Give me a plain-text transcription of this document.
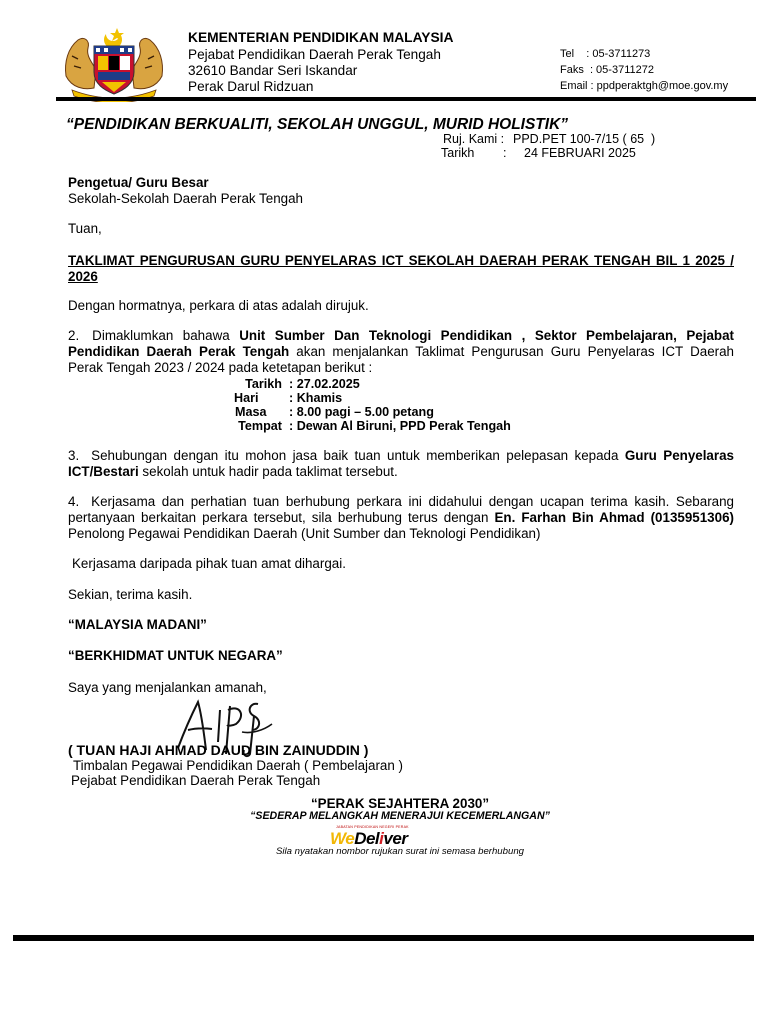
KEMENTERIAN PENDIDIKAN MALAYSIA
Pejabat Pendidikan Daerah Perak Tengah
32610 Bandar Seri Iskandar
Perak Darul Ridzuan
Tel    : 05-3711273
Faks  : 05-3711272
Email : ppdperaktgh@moe.gov.my
“PENDIDIKAN BERKUALITI, SEKOLAH UNGGUL, MURID HOLISTIK”
Ruj. Kami : PPD.PET 100-7/15 ( 65  )
Tarikh : 24 FEBRUARI 2025
Pengetua/ Guru Besar
Sekolah-Sekolah Daerah Perak Tengah
Tuan,
TAKLIMAT PENGURUSAN GURU PENYELARAS ICT SEKOLAH DAERAH PERAK TENGAH BIL 1 2025 / 2026
Dengan hormatnya, perkara di atas adalah dirujuk.
2. Dimaklumkan bahawa Unit Sumber Dan Teknologi Pendidikan , Sektor Pembelajaran, Pejabat Pendidikan Daerah Perak Tengah akan menjalankan Taklimat Pengurusan Guru Penyelaras ICT Daerah Perak Tengah 2023 / 2024 pada ketetapan berikut :
Tarikh : 27.02.2025
Hari	: Khamis
Masa	: 8.00 pagi – 5.00 petang
Tempat : Dewan Al Biruni, PPD Perak Tengah
3. Sehubungan dengan itu mohon jasa baik tuan untuk memberikan pelepasan kepada Guru Penyelaras ICT/Bestari sekolah untuk hadir pada taklimat tersebut.
4. Kerjasama dan perhatian tuan berhubung perkara ini didahului dengan ucapan terima kasih. Sebarang pertanyaan berkaitan perkara tersebut, sila berhubung terus dengan En. Farhan Bin Ahmad (0135951306) Penolong Pegawai Pendidikan Daerah (Unit Sumber dan Teknologi Pendidikan)
Kerjasama daripada pihak tuan amat dihargai.
Sekian, terima kasih.
“MALAYSIA MADANI”
“BERKHIDMAT UNTUK NEGARA”
Saya yang menjalankan amanah,
( TUAN HAJI AHMAD DAUD BIN ZAINUDDIN )
Timbalan Pegawai Pendidikan Daerah ( Pembelajaran )
Pejabat Pendidikan Daerah Perak Tengah
“PERAK SEJAHTERA 2030”
“SEDERAP MELANGKAH MENERAJUI KECEMERLANGAN”
JABATAN PENDIDIKAN NEGERI PERAK
WeDeliver
Sila nyatakan nombor rujukan surat ini semasa berhubung
